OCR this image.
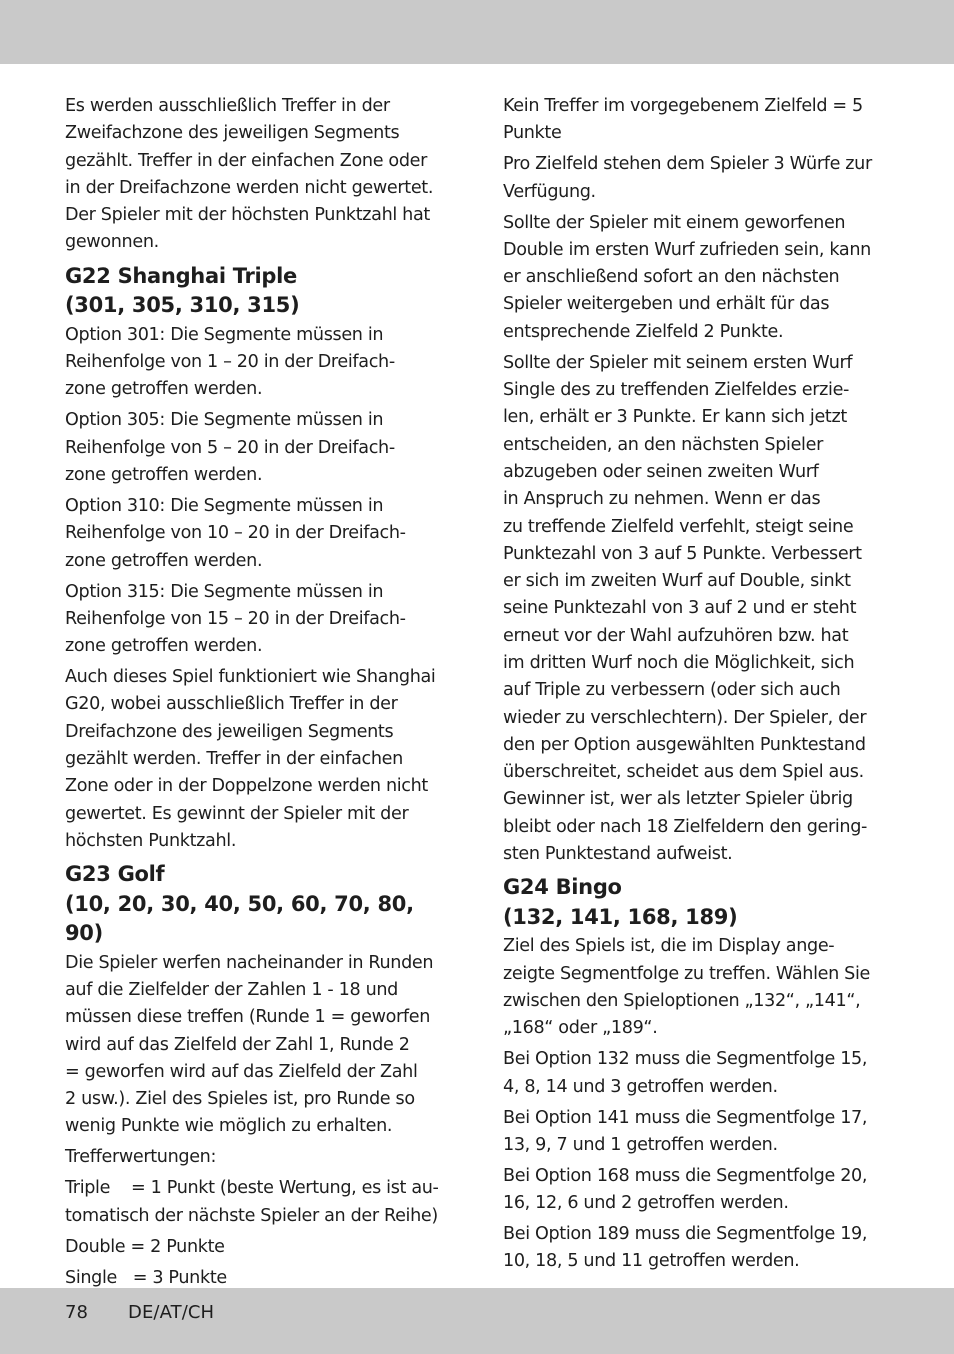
Es werden ausschließlich Treffer in der
Zweifachzone des jeweiligen Segments
gezählt. Treffer in der einfachen Zone oder
in der Dreifachzone werden nicht gewertet.
Der Spieler mit der höchsten Punktzahl hat
gewonnen.

G22 Shanghai Triple
(301, 305, 310, 315)

Option 301: Die Segmente müssen in
Reihenfolge von 1 – 20 in der Dreifach-
zone getroffen werden.

Option 305: Die Segmente müssen in
Reihenfolge von 5 – 20 in der Dreifach-
zone getroffen werden.

Option 310: Die Segmente müssen in
Reihenfolge von 10 – 20 in der Dreifach-
zone getroffen werden.

Option 315: Die Segmente müssen in
Reihenfolge von 15 – 20 in der Dreifach-
zone getroffen werden.

Auch dieses Spiel funktioniert wie Shanghai
G20, wobei ausschließlich Treffer in der
Dreifachzone des jeweiligen Segments
gezählt werden. Treffer in der einfachen
Zone oder in der Doppelzone werden nicht
gewertet. Es gewinnt der Spieler mit der
höchsten Punktzahl.

G23 Golf
(10, 20, 30, 40, 50, 60, 70, 80, 90)

Die Spieler werfen nacheinander in Runden
auf die Zielfelder der Zahlen 1 - 18 und
müssen diese treffen (Runde 1 = geworfen
wird auf das Zielfeld der Zahl 1, Runde 2
= geworfen wird auf das Zielfeld der Zahl
2 usw.). Ziel des Spieles ist, pro Runde so
wenig Punkte wie möglich zu erhalten.

Trefferwertungen:

Triple    = 1 Punkt (beste Wertung, es ist au-
tomatisch der nächste Spieler an der Reihe)

Double = 2 Punkte

Single   = 3 Punkte

Kein Treffer im vorgegebenem Zielfeld = 5
Punkte

Pro Zielfeld stehen dem Spieler 3 Würfe zur
Verfügung.

Sollte der Spieler mit einem geworfenen
Double im ersten Wurf zufrieden sein, kann
er anschließend sofort an den nächsten
Spieler weitergeben und erhält für das
entsprechende Zielfeld 2 Punkte.

Sollte der Spieler mit seinem ersten Wurf
Single des zu treffenden Zielfeldes erzie-
len, erhält er 3 Punkte. Er kann sich jetzt
entscheiden, an den nächsten Spieler
abzugeben oder seinen zweiten Wurf
in Anspruch zu nehmen. Wenn er das
zu treffende Zielfeld verfehlt, steigt seine
Punktezahl von 3 auf 5 Punkte. Verbessert
er sich im zweiten Wurf auf Double, sinkt
seine Punktezahl von 3 auf 2 und er steht
erneut vor der Wahl aufzuhören bzw. hat
im dritten Wurf noch die Möglichkeit, sich
auf Triple zu verbessern (oder sich auch
wieder zu verschlechtern). Der Spieler, der
den per Option ausgewählten Punktestand
überschreitet, scheidet aus dem Spiel aus.
Gewinner ist, wer als letzter Spieler übrig
bleibt oder nach 18 Zielfeldern den gering-
sten Punktestand aufweist.

G24 Bingo
(132, 141, 168, 189)

Ziel des Spiels ist, die im Display ange-
zeigte Segmentfolge zu treffen. Wählen Sie
zwischen den Spieloptionen „132“, „141“,
„168“ oder „189“.

Bei Option 132 muss die Segmentfolge 15,
4, 8, 14 und 3 getroffen werden.

Bei Option 141 muss die Segmentfolge 17,
13, 9, 7 und 1 getroffen werden.

Bei Option 168 muss die Segmentfolge 20,
16, 12, 6 und 2 getroffen werden.

Bei Option 189 muss die Segmentfolge 19,
10, 18, 5 und 11 getroffen werden.

78 DE/AT/CH
